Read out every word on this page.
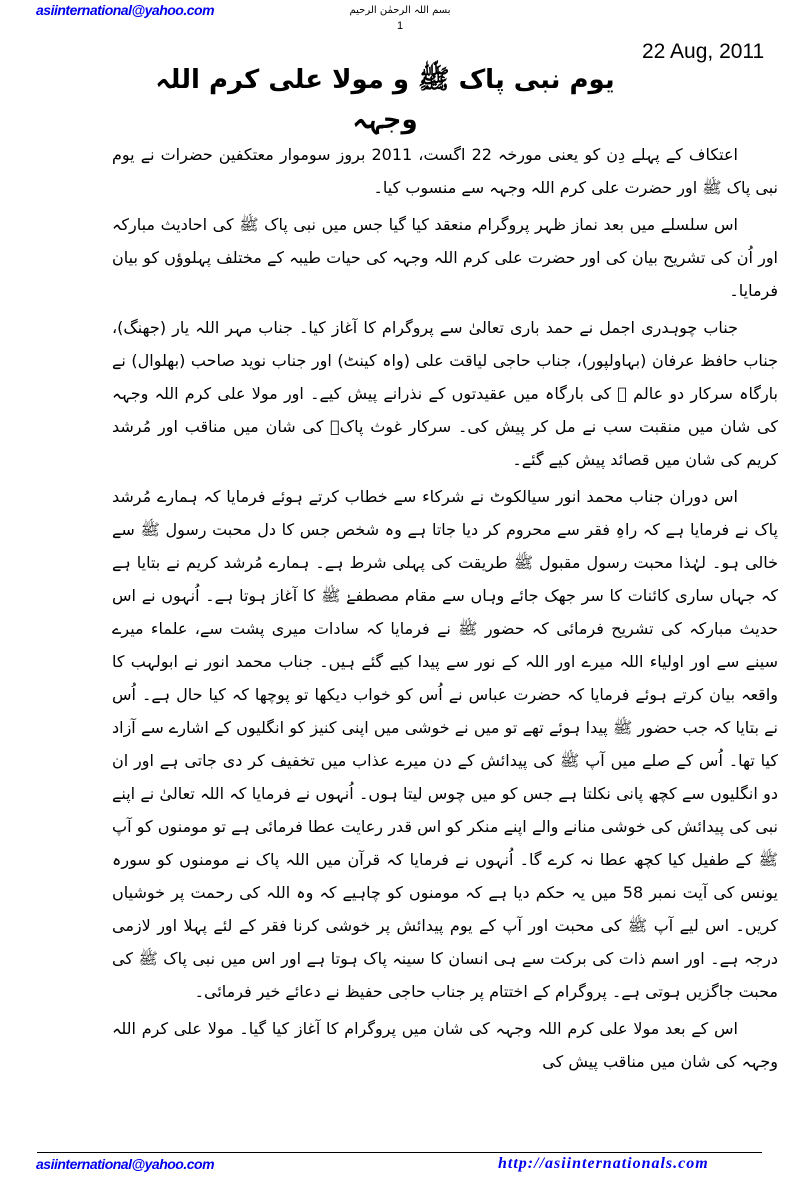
asiinternational@yahoo.com	بسم اللہ الرحمٰن الرحیم
1
22 Aug, 2011
یوم نبی پاک ﷺ و مولا علی کرم اللہ وجہہ

اعتکاف کے پہلے دِن کو یعنی مورخہ 22 اگست، 2011 بروز سوموار معتکفین حضرات نے یوم نبی پاک ﷺ اور حضرت علی کرم اللہ وجہہ سے منسوب کیا۔

اس سلسلے میں بعد نماز ظہر پروگرام منعقد کیا گیا جس میں نبی پاک ﷺ کی احادیث مبارکہ اور اُن کی تشریح بیان کی اور حضرت علی کرم اللہ وجہہ کی حیات طیبہ کے مختلف پہلوؤں کو بیان فرمایا۔

جناب چوہدری اجمل نے حمد باری تعالیٰ سے پروگرام کا آغاز کیا۔ جناب مہر اللہ یار (جھنگ)، جناب حافظ عرفان (بہاولپور)، جناب حاجی لیاقت علی (واہ کینٹ) اور جناب نوید صاحب (بھلوال) نے بارگاہ سرکار دو عالم ﷺ کی بارگاہ میں عقیدتوں کے نذرانے پیش کیے۔ اور مولا علی کرم اللہ وجہہ کی شان میں منقبت سب نے مل کر پیش کی۔ سرکار غوث پاکؓ کی شان میں مناقب اور مُرشد کریم کی شان میں قصائد پیش کیے گئے۔

اس دوران جناب محمد انور سیالکوٹ نے شرکاء سے خطاب کرتے ہوئے فرمایا کہ ہمارے مُرشد پاک نے فرمایا ہے کہ راہِ فقر سے محروم کر دیا جاتا ہے وہ شخص جس کا دل محبت رسول ﷺ سے خالی ہو۔ لہٰذا محبت رسول مقبول ﷺ طریقت کی پہلی شرط ہے۔ ہمارے مُرشد کریم نے بتایا ہے کہ جہاں ساری کائنات کا سر جھک جائے وہاں سے مقام مصطفےٰ ﷺ کا آغاز ہوتا ہے۔ اُنہوں نے اس حدیث مبارکہ کی تشریح فرمائی کہ حضور ﷺ نے فرمایا کہ سادات میری پشت سے، علماء میرے سینے سے اور اولیاء اللہ میرے اور اللہ کے نور سے پیدا کیے گئے ہیں۔ جناب محمد انور نے ابولہب کا واقعہ بیان کرتے ہوئے فرمایا کہ حضرت عباس نے اُس کو خواب دیکھا تو پوچھا کہ کیا حال ہے۔ اُس نے بتایا کہ جب حضور ﷺ پیدا ہوئے تھے تو میں نے خوشی میں اپنی کنیز کو انگلیوں کے اشارے سے آزاد کیا تھا۔ اُس کے صلے میں آپ ﷺ کی پیدائش کے دن میرے عذاب میں تخفیف کر دی جاتی ہے اور ان دو انگلیوں سے کچھ پانی نکلتا ہے جس کو میں چوس لیتا ہوں۔ اُنہوں نے فرمایا کہ اللہ تعالیٰ نے اپنے نبی کی پیدائش کی خوشی منانے والے اپنے منکر کو اس قدر رعایت عطا فرمائی ہے تو مومنوں کو آپ ﷺ کے طفیل کیا کچھ عطا نہ کرے گا۔ اُنہوں نے فرمایا کہ قرآن میں اللہ پاک نے مومنوں کو سورہ یونس کی آیت نمبر 58 میں یہ حکم دیا ہے کہ مومنوں کو چاہیے کہ وہ اللہ کی رحمت پر خوشیاں کریں۔ اس لیے آپ ﷺ کی محبت اور آپ کے یوم پیدائش پر خوشی کرنا فقر کے لئے پہلا اور لازمی درجہ ہے۔ اور اسم ذات کی برکت سے ہی انسان کا سینہ پاک ہوتا ہے اور اس میں نبی پاک ﷺ کی محبت جاگزیں ہوتی ہے۔ پروگرام کے اختتام پر جناب حاجی حفیظ نے دعائے خیر فرمائی۔

اس کے بعد مولا علی کرم اللہ وجہہ کی شان میں پروگرام کا آغاز کیا گیا۔ مولا علی کرم اللہ وجہہ کی شان میں مناقب پیش کی

asiinternational@yahoo.com	http://asiinternationals.com
